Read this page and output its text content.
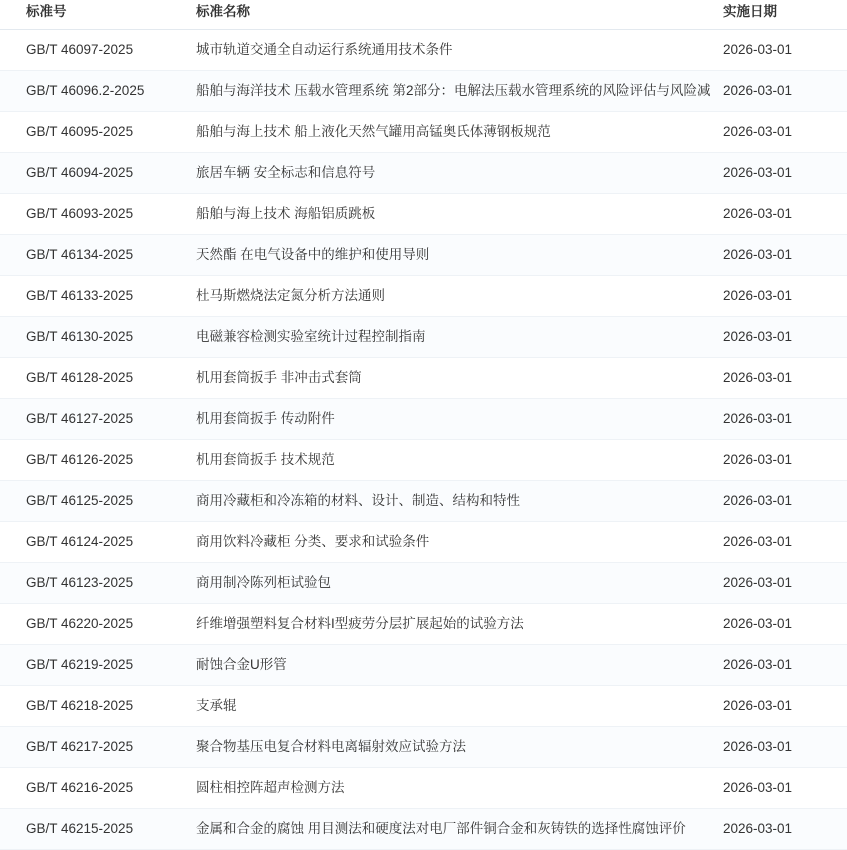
标准号	标准名称	实施日期
GB/T 46097-2025	城市轨道交通全自动运行系统通用技术条件	2026-03-01
GB/T 46096.2-2025	船舶与海洋技术 压载水管理系统 第2部分：电解法压载水管理系统的风险评估与风险减	2026-03-01
GB/T 46095-2025	船舶与海上技术 船上液化天然气罐用高锰奥氏体薄钢板规范	2026-03-01
GB/T 46094-2025	旅居车辆 安全标志和信息符号	2026-03-01
GB/T 46093-2025	船舶与海上技术 海船铝质跳板	2026-03-01
GB/T 46134-2025	天然酯 在电气设备中的维护和使用导则	2026-03-01
GB/T 46133-2025	杜马斯燃烧法定氮分析方法通则	2026-03-01
GB/T 46130-2025	电磁兼容检测实验室统计过程控制指南	2026-03-01
GB/T 46128-2025	机用套筒扳手 非冲击式套筒	2026-03-01
GB/T 46127-2025	机用套筒扳手 传动附件	2026-03-01
GB/T 46126-2025	机用套筒扳手 技术规范	2026-03-01
GB/T 46125-2025	商用冷藏柜和冷冻箱的材料、设计、制造、结构和特性	2026-03-01
GB/T 46124-2025	商用饮料冷藏柜 分类、要求和试验条件	2026-03-01
GB/T 46123-2025	商用制冷陈列柜试验包	2026-03-01
GB/T 46220-2025	纤维增强塑料复合材料I型疲劳分层扩展起始的试验方法	2026-03-01
GB/T 46219-2025	耐蚀合金U形管	2026-03-01
GB/T 46218-2025	支承辊	2026-03-01
GB/T 46217-2025	聚合物基压电复合材料电离辐射效应试验方法	2026-03-01
GB/T 46216-2025	圆柱相控阵超声检测方法	2026-03-01
GB/T 46215-2025	金属和合金的腐蚀 用目测法和硬度法对电厂部件铜合金和灰铸铁的选择性腐蚀评价	2026-03-01
